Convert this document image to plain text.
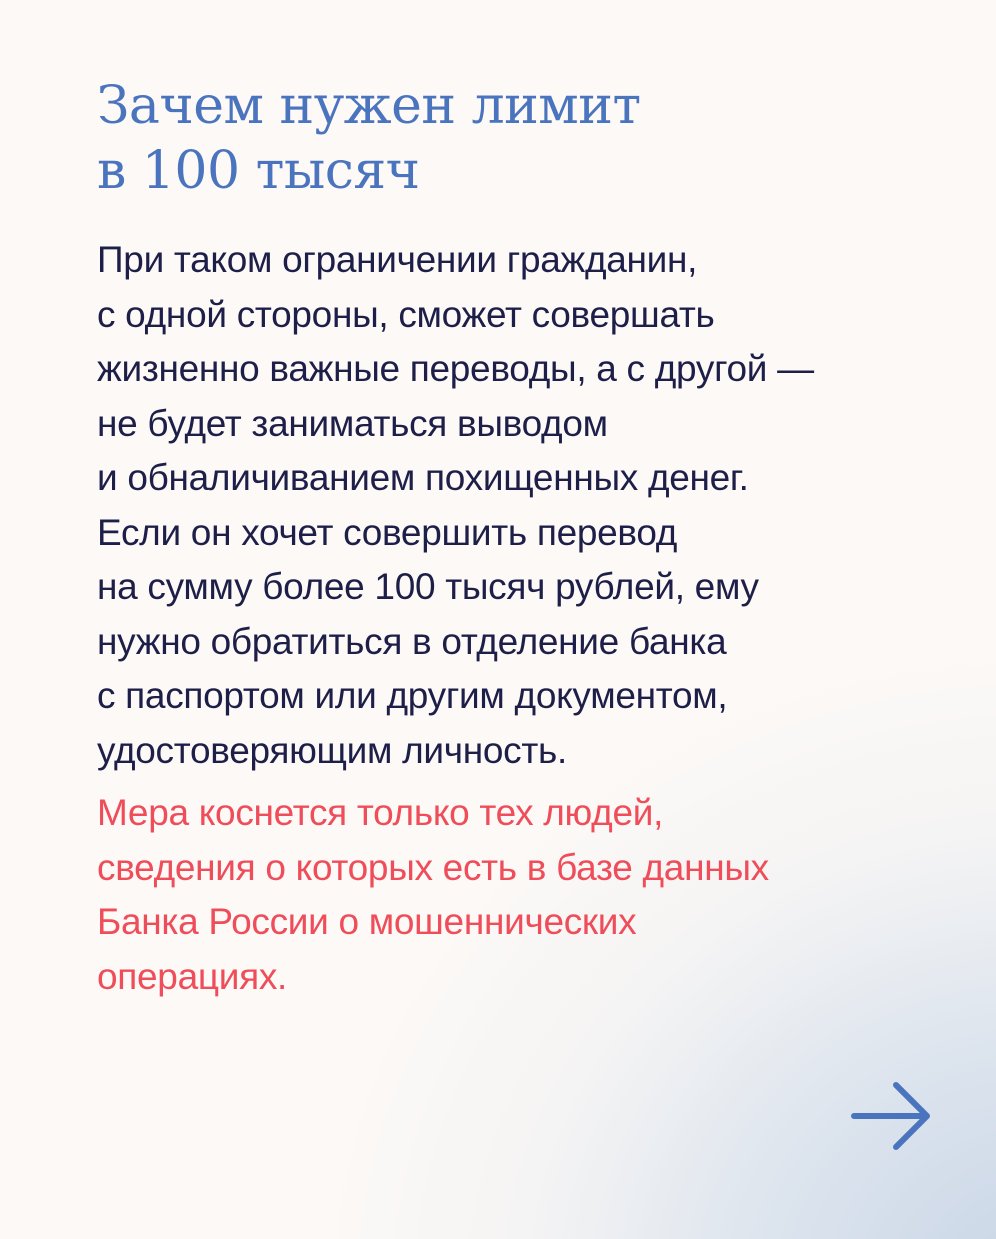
Зачем нужен лимит
в 100 тысяч
При таком ограничении гражданин,
с одной стороны, сможет совершать
жизненно важные переводы, а с другой —
не будет заниматься выводом
и обналичиванием похищенных денег.
Если он хочет совершить перевод
на сумму более 100 тысяч рублей, ему
нужно обратиться в отделение банка
с паспортом или другим документом,
удостоверяющим личность.
Мера коснется только тех людей,
сведения о которых есть в базе данных
Банка России о мошеннических
операциях.
